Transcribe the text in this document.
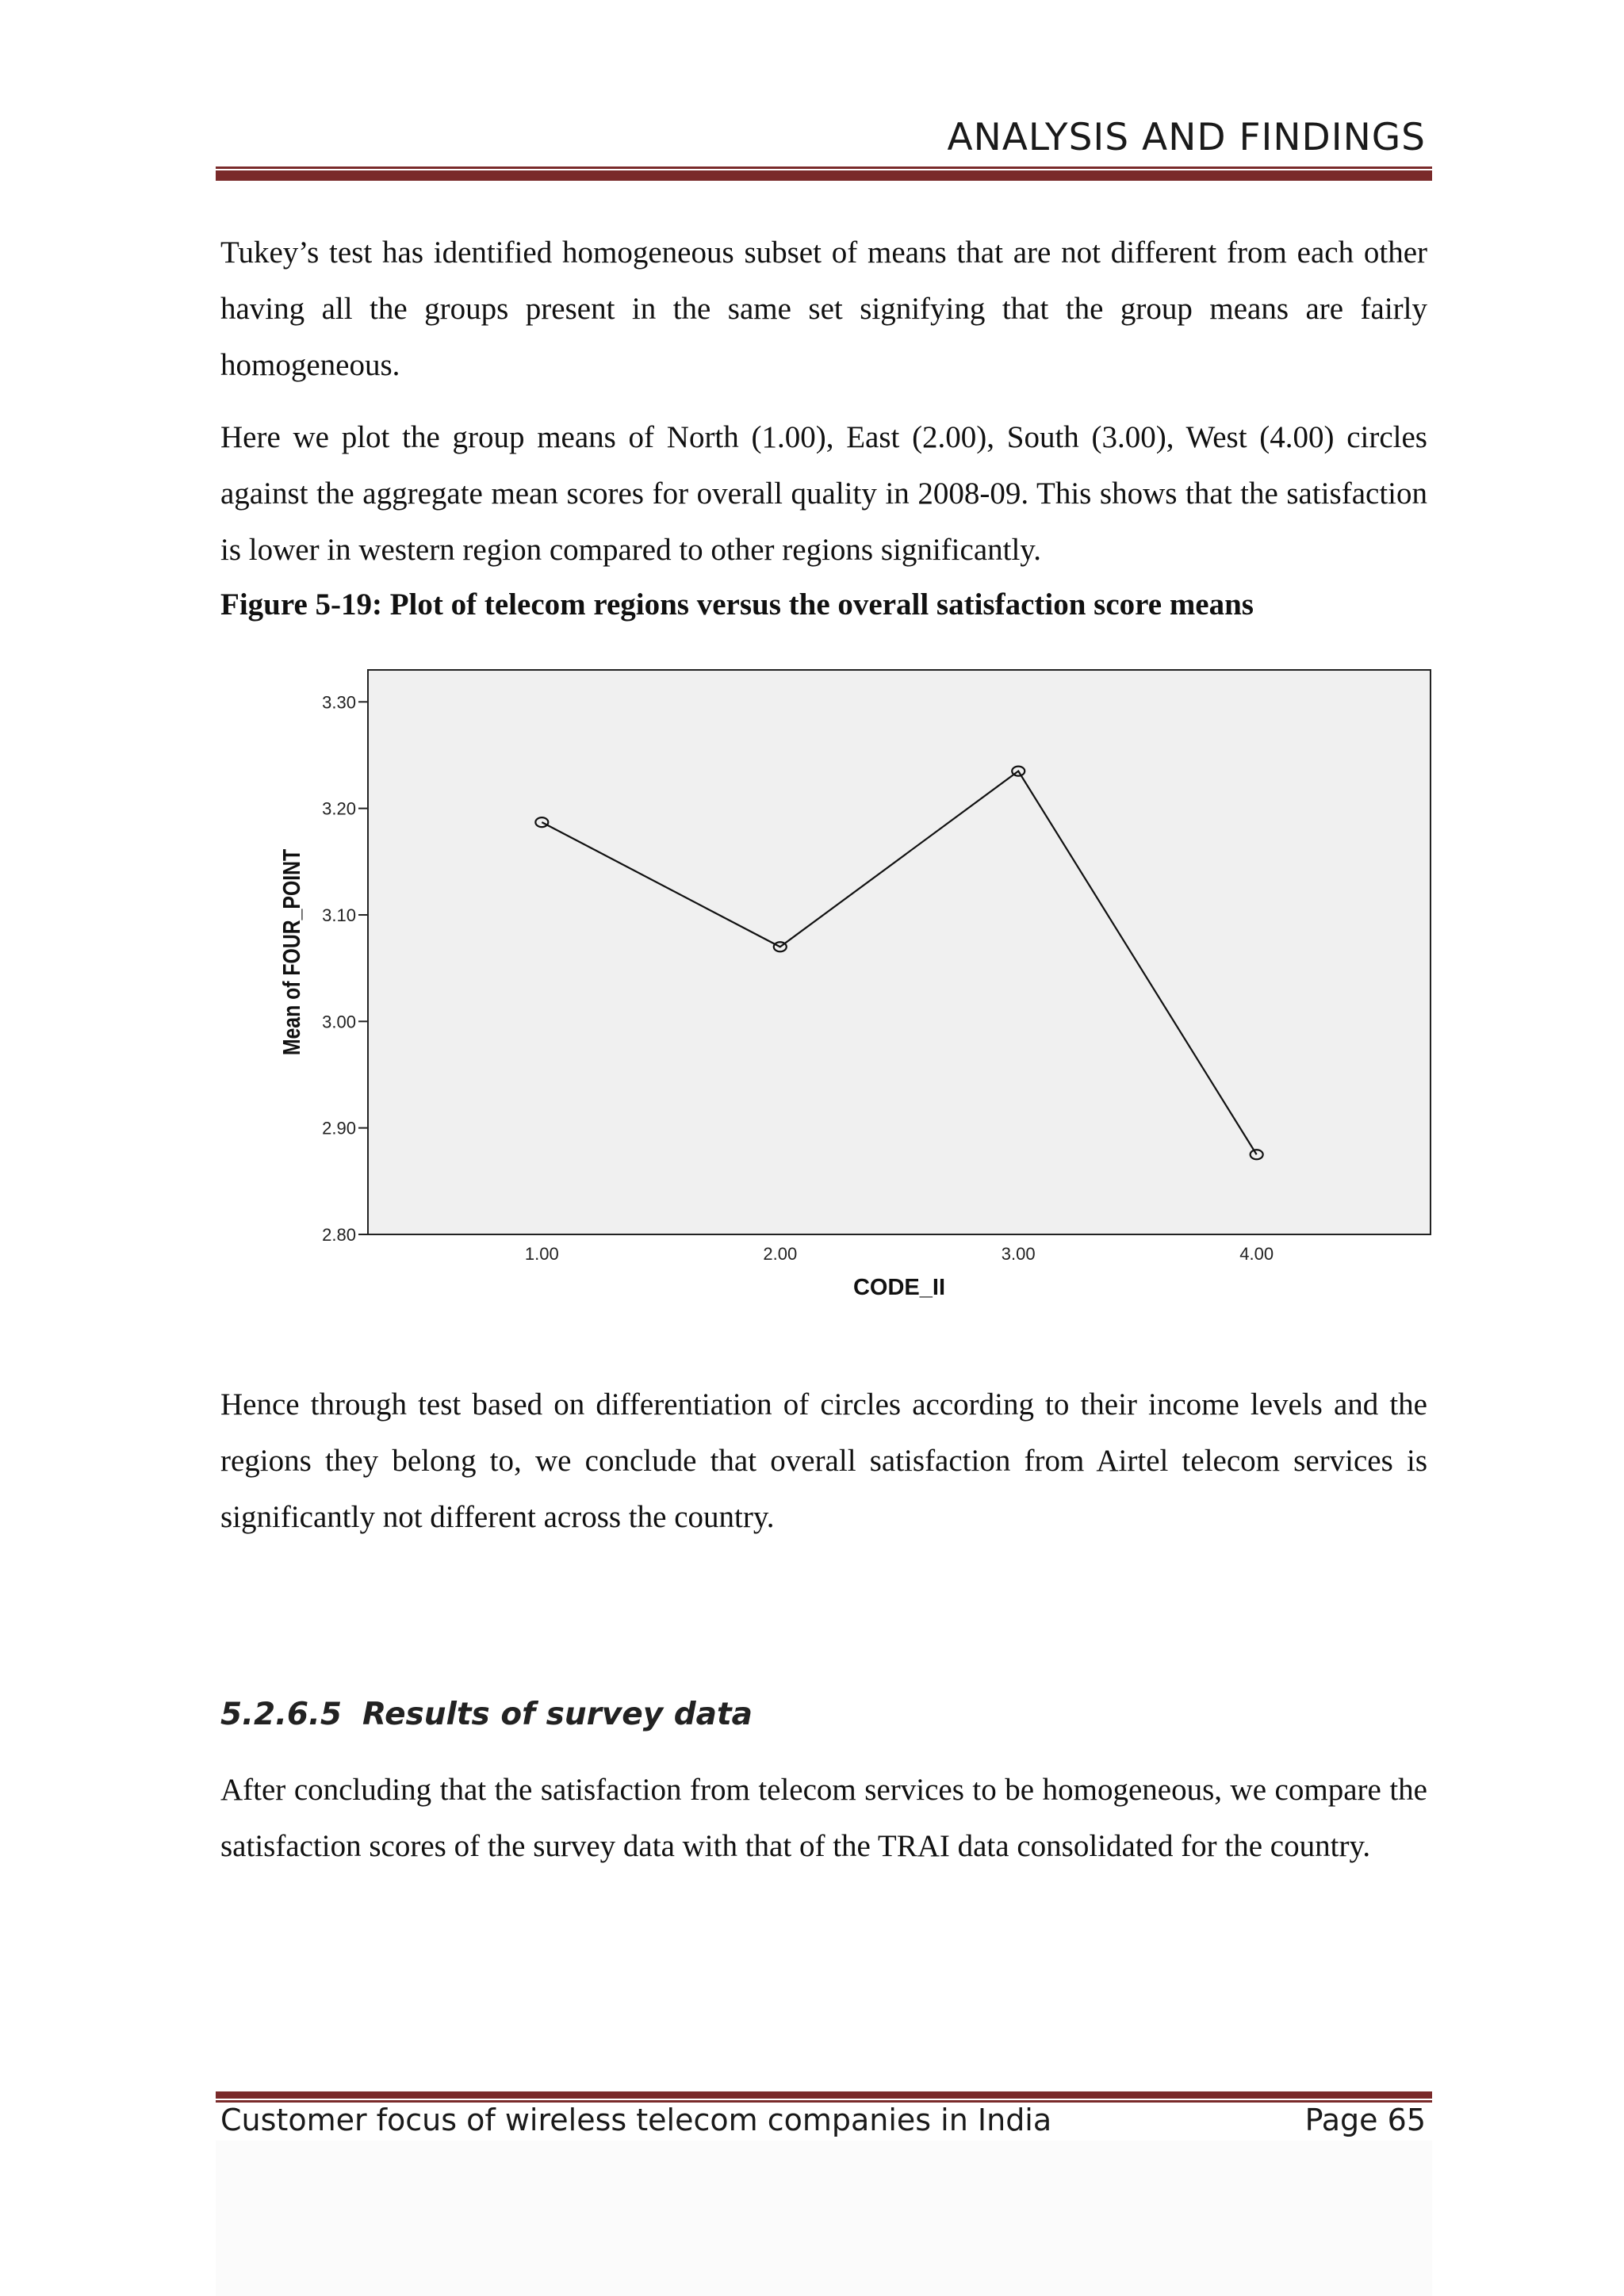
ANALYSIS AND FINDINGS

Tukey’s test has identified homogeneous subset of means that are not different from each other having all the groups present in the same set signifying that the group means are fairly homogeneous.

Here we plot the group means of North (1.00), East (2.00), South (3.00), West (4.00) circles against the aggregate mean scores for overall quality in 2008-09. This shows that the satisfaction is lower in western region compared to other regions significantly.

Figure 5-19: Plot of telecom regions versus the overall satisfaction score means

2.80
2.90
3.00
3.10
3.20
3.30
1.00	2.00	3.00	4.00
CODE_II
Mean of FOUR_POINT

Hence through test based on differentiation of circles according to their income levels and the regions they belong to, we conclude that overall satisfaction from Airtel telecom services is significantly not different across the country.

5.2.6.5 Results of survey data

After concluding that the satisfaction from telecom services to be homogeneous, we compare the satisfaction scores of the survey data with that of the TRAI data consolidated for the country.

Customer focus of wireless telecom companies in India	Page 65
